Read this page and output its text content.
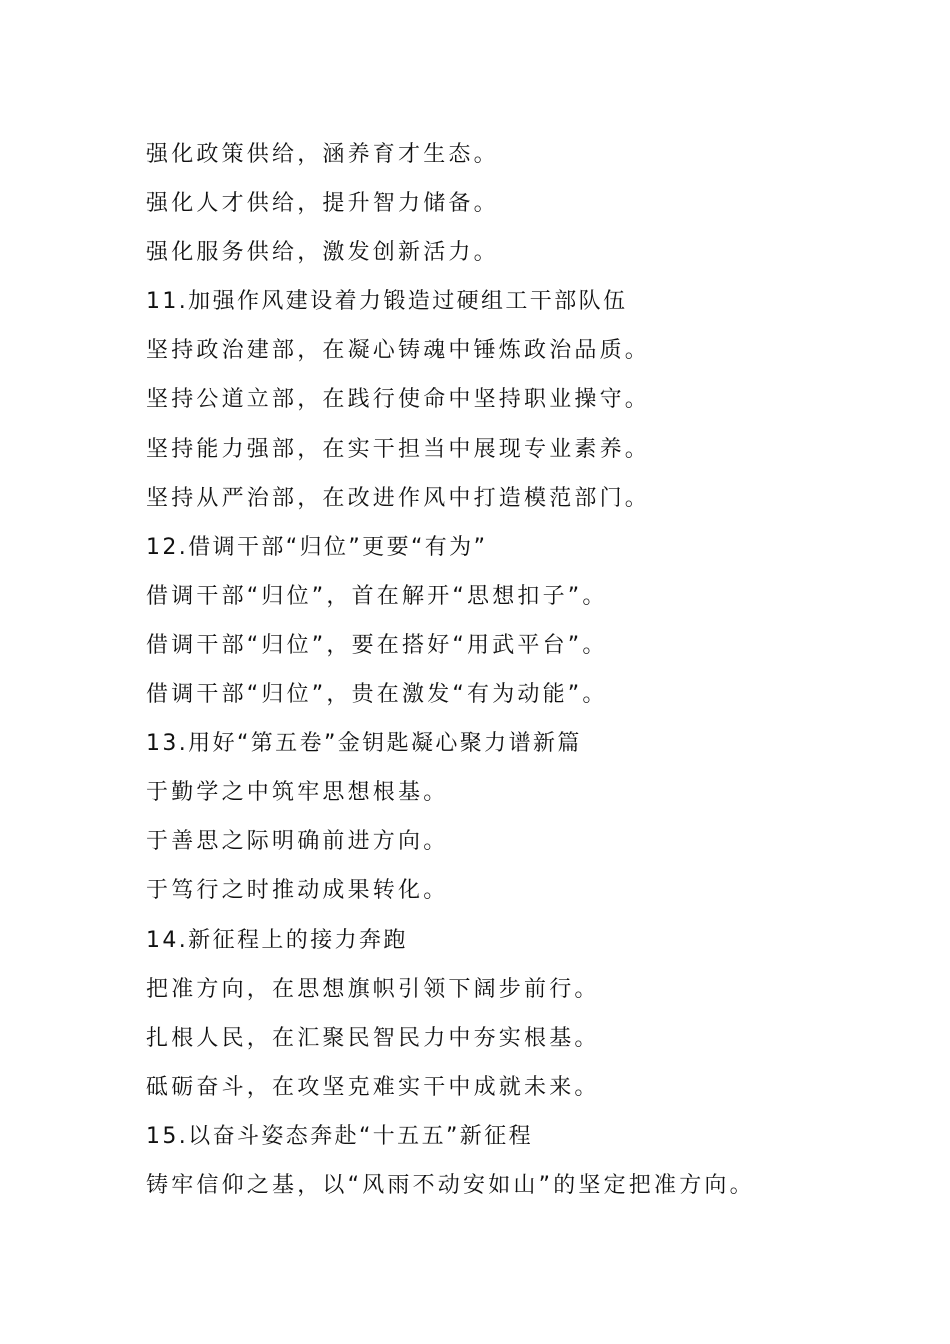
强化政策供给，涵养育才生态。
强化人才供给，提升智力储备。
强化服务供给，激发创新活力。
11.加强作风建设着力锻造过硬组工干部队伍
坚持政治建部，在凝心铸魂中锤炼政治品质。
坚持公道立部，在践行使命中坚持职业操守。
坚持能力强部，在实干担当中展现专业素养。
坚持从严治部，在改进作风中打造模范部门。
12.借调干部“归位”更要“有为”
借调干部“归位”，首在解开“思想扣子”。
借调干部“归位”，要在搭好“用武平台”。
借调干部“归位”，贵在激发“有为动能”。
13.用好“第五卷”金钥匙凝心聚力谱新篇
于勤学之中筑牢思想根基。
于善思之际明确前进方向。
于笃行之时推动成果转化。
14.新征程上的接力奔跑
把准方向，在思想旗帜引领下阔步前行。
扎根人民，在汇聚民智民力中夯实根基。
砥砺奋斗，在攻坚克难实干中成就未来。
15.以奋斗姿态奔赴“十五五”新征程
铸牢信仰之基，以“风雨不动安如山”的坚定把准方向。
